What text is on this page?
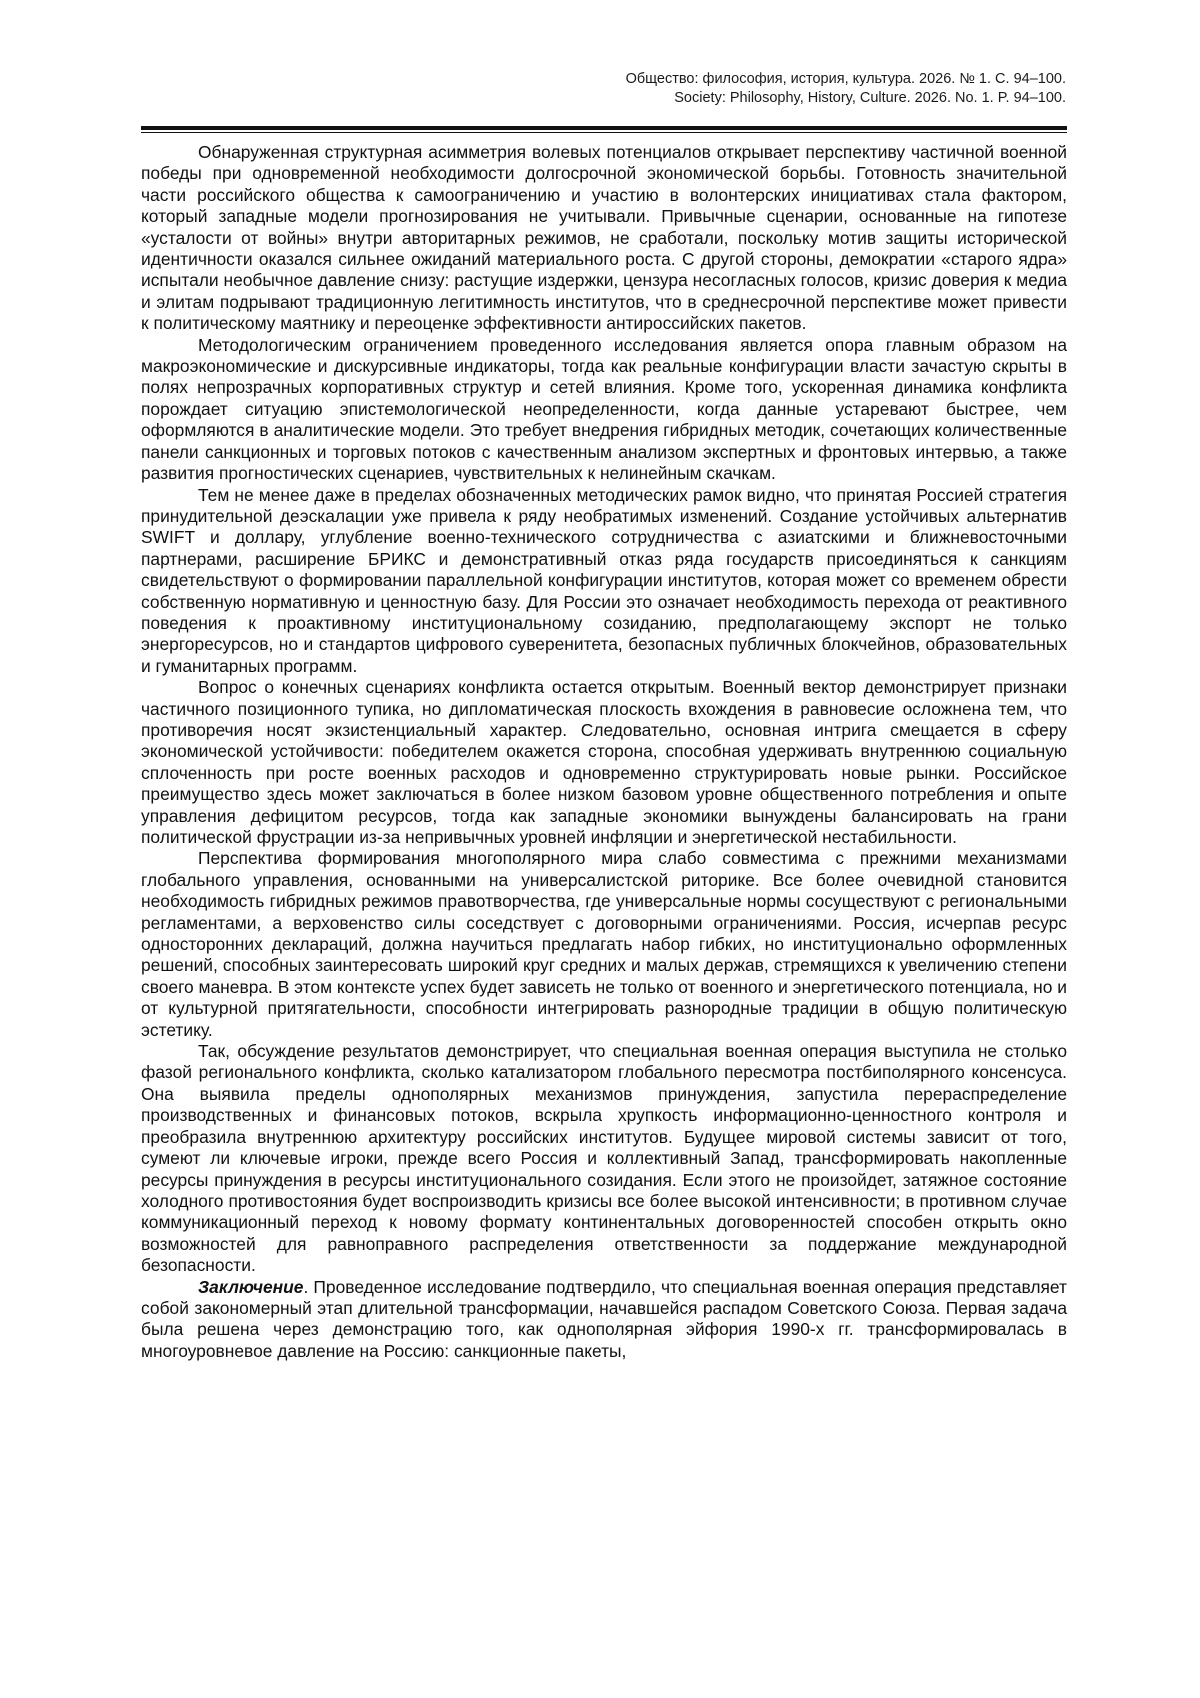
Общество: философия, история, культура. 2026. № 1. С. 94–100.
Society: Philosophy, History, Culture. 2026. No. 1. P. 94–100.

Обнаруженная структурная асимметрия волевых потенциалов открывает перспективу частичной военной победы при одновременной необходимости долгосрочной экономической борьбы. Готовность значительной части российского общества к самоограничению и участию в волонтерских инициативах стала фактором, который западные модели прогнозирования не учитывали. Привычные сценарии, основанные на гипотезе «усталости от войны» внутри авторитарных режимов, не сработали, поскольку мотив защиты исторической идентичности оказался сильнее ожиданий материального роста. С другой стороны, демократии «старого ядра» испытали необычное давление снизу: растущие издержки, цензура несогласных голосов, кризис доверия к медиа и элитам подрывают традиционную легитимность институтов, что в среднесрочной перспективе может привести к политическому маятнику и переоценке эффективности антироссийских пакетов.

Методологическим ограничением проведенного исследования является опора главным образом на макроэкономические и дискурсивные индикаторы, тогда как реальные конфигурации власти зачастую скрыты в полях непрозрачных корпоративных структур и сетей влияния. Кроме того, ускоренная динамика конфликта порождает ситуацию эпистемологической неопределенности, когда данные устаревают быстрее, чем оформляются в аналитические модели. Это требует внедрения гибридных методик, сочетающих количественные панели санкционных и торговых потоков с качественным анализом экспертных и фронтовых интервью, а также развития прогностических сценариев, чувствительных к нелинейным скачкам.

Тем не менее даже в пределах обозначенных методических рамок видно, что принятая Россией стратегия принудительной деэскалации уже привела к ряду необратимых изменений. Создание устойчивых альтернатив SWIFT и доллару, углубление военно-технического сотрудничества с азиатскими и ближневосточными партнерами, расширение БРИКС и демонстративный отказ ряда государств присоединяться к санкциям свидетельствуют о формировании параллельной конфигурации институтов, которая может со временем обрести собственную нормативную и ценностную базу. Для России это означает необходимость перехода от реактивного поведения к проактивному институциональному созиданию, предполагающему экспорт не только энергоресурсов, но и стандартов цифрового суверенитета, безопасных публичных блокчейнов, образовательных и гуманитарных программ.

Вопрос о конечных сценариях конфликта остается открытым. Военный вектор демонстрирует признаки частичного позиционного тупика, но дипломатическая плоскость вхождения в равновесие осложнена тем, что противоречия носят экзистенциальный характер. Следовательно, основная интрига смещается в сферу экономической устойчивости: победителем окажется сторона, способная удерживать внутреннюю социальную сплоченность при росте военных расходов и одновременно структурировать новые рынки. Российское преимущество здесь может заключаться в более низком базовом уровне общественного потребления и опыте управления дефицитом ресурсов, тогда как западные экономики вынуждены балансировать на грани политической фрустрации из-за непривычных уровней инфляции и энергетической нестабильности.

Перспектива формирования многополярного мира слабо совместима с прежними механизмами глобального управления, основанными на универсалистской риторике. Все более очевидной становится необходимость гибридных режимов правотворчества, где универсальные нормы сосуществуют с региональными регламентами, а верховенство силы соседствует с договорными ограничениями. Россия, исчерпав ресурс односторонних деклараций, должна научиться предлагать набор гибких, но институционально оформленных решений, способных заинтересовать широкий круг средних и малых держав, стремящихся к увеличению степени своего маневра. В этом контексте успех будет зависеть не только от военного и энергетического потенциала, но и от культурной притягательности, способности интегрировать разнородные традиции в общую политическую эстетику.

Так, обсуждение результатов демонстрирует, что специальная военная операция выступила не столько фазой регионального конфликта, сколько катализатором глобального пересмотра постбиполярного консенсуса. Она выявила пределы однополярных механизмов принуждения, запустила перераспределение производственных и финансовых потоков, вскрыла хрупкость информационно-ценностного контроля и преобразила внутреннюю архитектуру российских институтов. Будущее мировой системы зависит от того, сумеют ли ключевые игроки, прежде всего Россия и коллективный Запад, трансформировать накопленные ресурсы принуждения в ресурсы институционального созидания. Если этого не произойдет, затяжное состояние холодного противостояния будет воспроизводить кризисы все более высокой интенсивности; в противном случае коммуникационный переход к новому формату континентальных договоренностей способен открыть окно возможностей для равноправного распределения ответственности за поддержание международной безопасности.

Заключение. Проведенное исследование подтвердило, что специальная военная операция представляет собой закономерный этап длительной трансформации, начавшейся распадом Советского Союза. Первая задача была решена через демонстрацию того, как однополярная эйфория 1990-х гг. трансформировалась в многоуровневое давление на Россию: санкционные пакеты,
